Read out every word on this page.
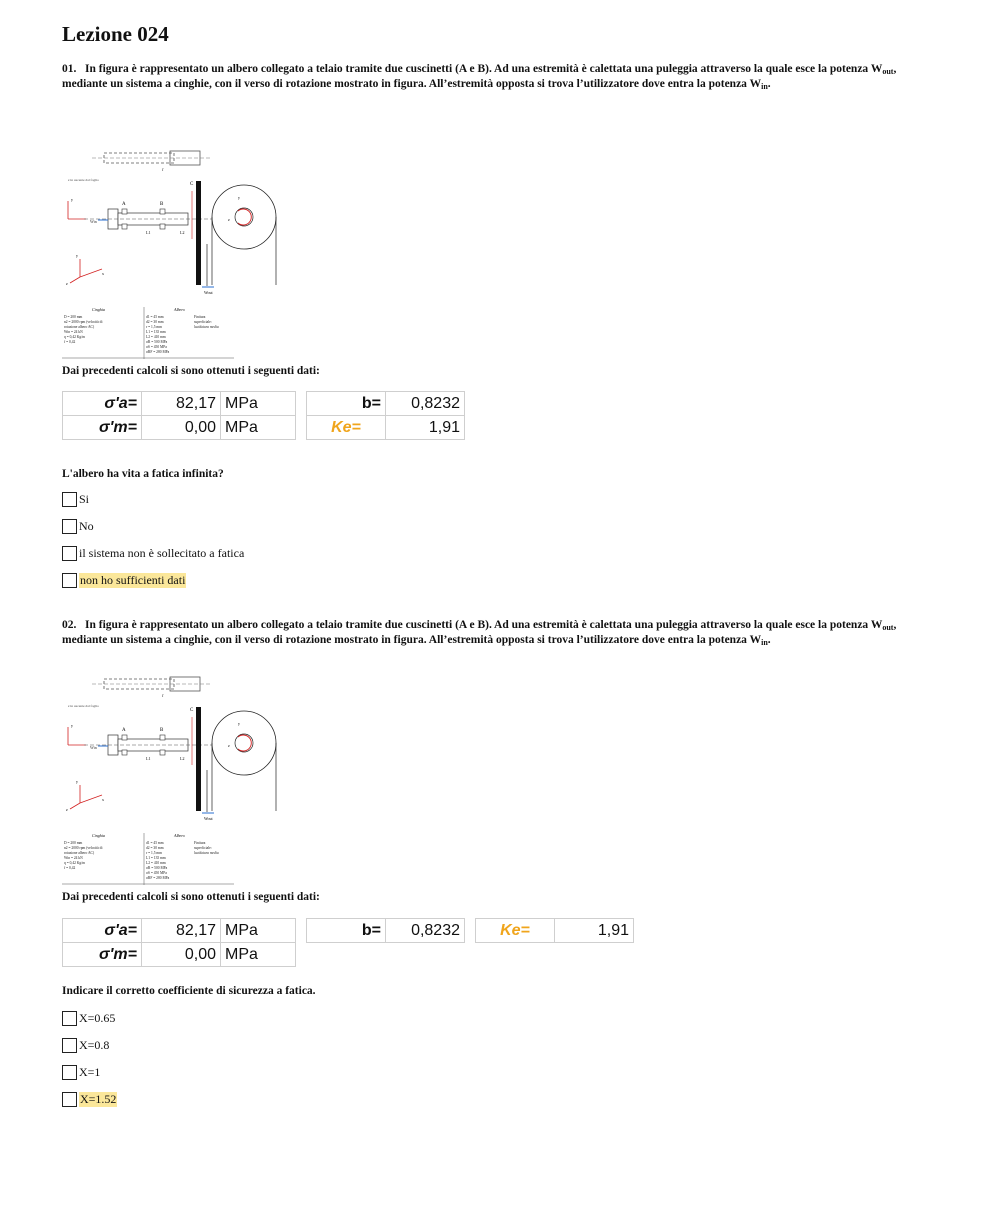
Lezione 024

01. In figura è rappresentato un albero collegato a telaio tramite due cuscinetti (A e B). Ad una estremità è calettata una puleggia attraverso la quale esce la potenza $W_{out}$, mediante un sistema a cinghie, con il verso di rotazione mostrato in figura. All’estremità opposta si trova l’utilizzatore dove entra la potenza $W_{in}$.

r
z in uscente dal foglio
y
A	B
C
Win
Wout
L1	L2
y
z
y
x
z
Cinghia	Albero
D = 200 mm
n2 = 2000 rpm (velocità di
rotazione albero AC)
Win = 24 kN
q = 0,42 Kg/m
f = 0,42
d1 = 45 mm
d2 = 30 mm
r = 1,5 mm
L1 = 135 mm
L2 = 410 mm
σR = 500 MPa
σS = 450 MPa
σRF = 280 MPa
Finitura
superficiale:
lucidatura media
Dai precedenti calcoli si sono ottenuti i seguenti dati:
σ'a=	82,17	MPa		b=	0,8232
σ'm=	0,00	MPa		Ke=	1,91
L'albero ha vita a fatica infinita?
Si
No
il sistema non è sollecitato a fatica
non ho sufficienti dati

02. In figura è rappresentato un albero collegato a telaio tramite due cuscinetti (A e B). Ad una estremità è calettata una puleggia attraverso la quale esce la potenza $W_{out}$, mediante un sistema a cinghie, con il verso di rotazione mostrato in figura. All’estremità opposta si trova l’utilizzatore dove entra la potenza $W_{in}$.

r
z in uscente dal foglio
y
A	B
C
Win
Wout
L1	L2
y
z
y
x
z
Cinghia	Albero
D = 200 mm
n2 = 2000 rpm (velocità di
rotazione albero AC)
Win = 24 kN
q = 0,42 Kg/m
f = 0,42
d1 = 45 mm
d2 = 30 mm
r = 1,5 mm
L1 = 135 mm
L2 = 410 mm
σR = 500 MPa
σS = 450 MPa
σRF = 280 MPa
Finitura
superficiale:
lucidatura media
Dai precedenti calcoli si sono ottenuti i seguenti dati:
σ'a=	82,17	MPa		b=	0,8232		Ke=	1,91
σ'm=	0,00	MPa						
Indicare il corretto coefficiente di sicurezza a fatica.
X=0.65
X=0.8
X=1
X=1.52
